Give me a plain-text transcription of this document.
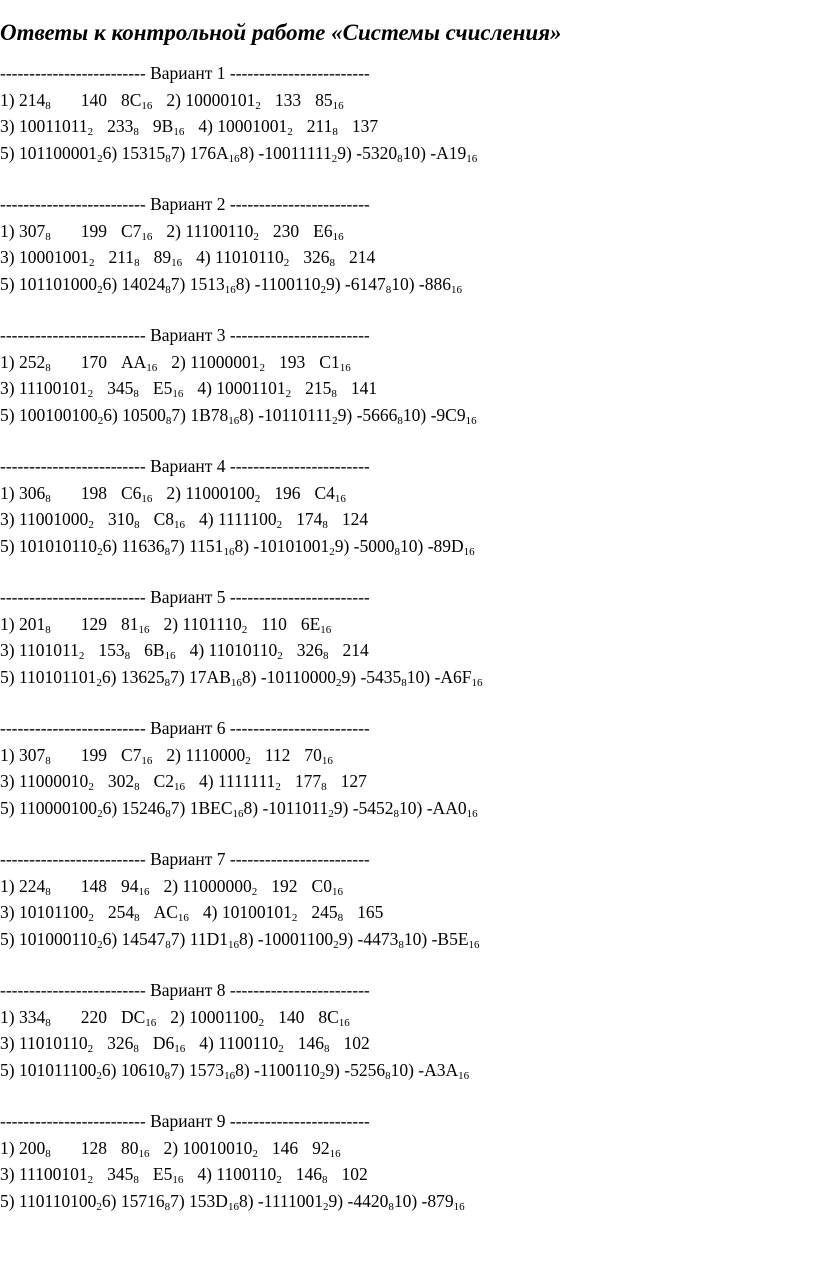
Ответы к контрольной работе «Системы счисления»
------------------------- Вариант 1 ------------------------
1) $214_8$ 140 $8C_{16}$ 2) $10000101_2$ 133 $85_{16}$
3) $10011011_2$ $233_8$ $9B_{16}$ 4) $10001001_2$ $211_8$ 137
5) $101100001_26$) $15315_87$) $176A_{16}8$) $-10011111_29$) $-5320_810$) $-A19_{16}$
------------------------- Вариант 2 ------------------------
1) $307_8$ 199 $C7_{16}$ 2) $11100110_2$ 230 $E6_{16}$
3) $10001001_2$ $211_8$ $89_{16}$ 4) $11010110_2$ $326_8$ 214
5) $101101000_26$) $14024_87$) $1513_{16}8$) $-1100110_29$) $-6147_810$) $-886_{16}$
------------------------- Вариант 3 ------------------------
1) $252_8$ 170 $AA_{16}$ 2) $11000001_2$ 193 $C1_{16}$
3) $11100101_2$ $345_8$ $E5_{16}$ 4) $10001101_2$ $215_8$ 141
5) $100100100_26$) $10500_87$) $1B78_{16}8$) $-10110111_29$) $-5666_810$) $-9C9_{16}$
------------------------- Вариант 4 ------------------------
1) $306_8$ 198 $C6_{16}$ 2) $11000100_2$ 196 $C4_{16}$
3) $11001000_2$ $310_8$ $C8_{16}$ 4) $1111100_2$ $174_8$ 124
5) $101010110_26$) $11636_87$) $1151_{16}8$) $-10101001_29$) $-5000_810$) $-89D_{16}$
------------------------- Вариант 5 ------------------------
1) $201_8$ 129 $81_{16}$ 2) $1101110_2$ 110 $6E_{16}$
3) $1101011_2$ $153_8$ $6B_{16}$ 4) $11010110_2$ $326_8$ 214
5) $110101101_26$) $13625_87$) $17AB_{16}8$) $-10110000_29$) $-5435_810$) $-A6F_{16}$
------------------------- Вариант 6 ------------------------
1) $307_8$ 199 $C7_{16}$ 2) $1110000_2$ 112 $70_{16}$
3) $11000010_2$ $302_8$ $C2_{16}$ 4) $1111111_2$ $177_8$ 127
5) $110000100_26$) $15246_87$) $1BEC_{16}8$) $-1011011_29$) $-5452_810$) $-AA0_{16}$
------------------------- Вариант 7 ------------------------
1) $224_8$ 148 $94_{16}$ 2) $11000000_2$ 192 $C0_{16}$
3) $10101100_2$ $254_8$ $AC_{16}$ 4) $10100101_2$ $245_8$ 165
5) $101000110_26$) $14547_87$) $11D1_{16}8$) $-10001100_29$) $-4473_810$) $-B5E_{16}$
------------------------- Вариант 8 ------------------------
1) $334_8$ 220 $DC_{16}$ 2) $10001100_2$ 140 $8C_{16}$
3) $11010110_2$ $326_8$ $D6_{16}$ 4) $1100110_2$ $146_8$ 102
5) $101011100_26$) $10610_87$) $1573_{16}8$) $-1100110_29$) $-5256_810$) $-A3A_{16}$
------------------------- Вариант 9 ------------------------
1) $200_8$ 128 $80_{16}$ 2) $10010010_2$ 146 $92_{16}$
3) $11100101_2$ $345_8$ $E5_{16}$ 4) $1100110_2$ $146_8$ 102
5) $110110100_26$) $15716_87$) $153D_{16}8$) $-1111001_29$) $-4420_810$) $-879_{16}$
